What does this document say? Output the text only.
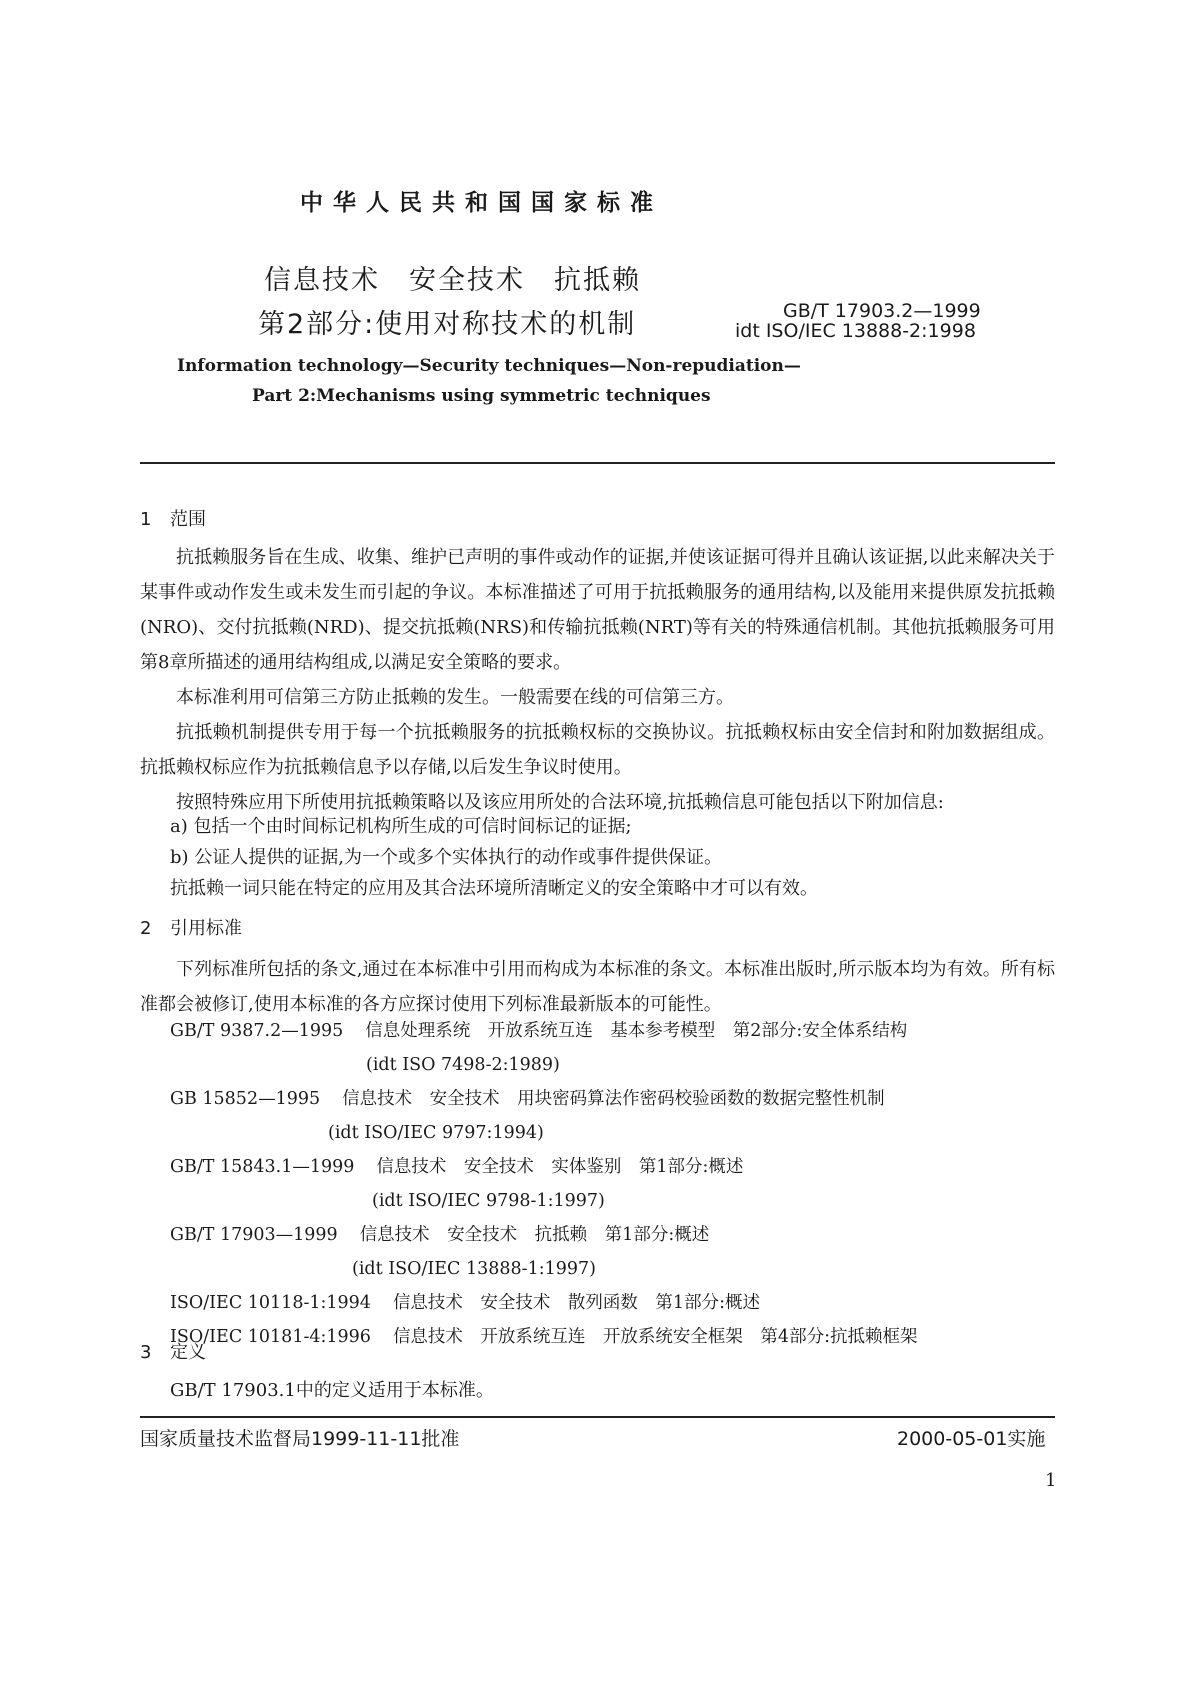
中华人民共和国国家标准
信息技术　安全技术　抗抵赖
第2部分:使用对称技术的机制	GB/T 17903.2—1999
idt ISO/IEC 13888-2:1998
Information technology—Security techniques—Non-repudiation—
Part 2:Mechanisms using symmetric techniques
1 范围

抗抵赖服务旨在生成、收集、维护已声明的事件或动作的证据,并使该证据可得并且确认该证据,以此来解决关于某事件或动作发生或未发生而引起的争议。本标准描述了可用于抗抵赖服务的通用结构,以及能用来提供原发抗抵赖(NRO)、交付抗抵赖(NRD)、提交抗抵赖(NRS)和传输抗抵赖(NRT)等有关的特殊通信机制。其他抗抵赖服务可用第8章所描述的通用结构组成,以满足安全策略的要求。

本标准利用可信第三方防止抵赖的发生。一般需要在线的可信第三方。

抗抵赖机制提供专用于每一个抗抵赖服务的抗抵赖权标的交换协议。抗抵赖权标由安全信封和附加数据组成。抗抵赖权标应作为抗抵赖信息予以存储,以后发生争议时使用。

按照特殊应用下所使用抗抵赖策略以及该应用所处的合法环境,抗抵赖信息可能包括以下附加信息:

a) 包括一个由时间标记机构所生成的可信时间标记的证据;
b) 公证人提供的证据,为一个或多个实体执行的动作或事件提供保证。
抗抵赖一词只能在特定的应用及其合法环境所清晰定义的安全策略中才可以有效。
2 引用标准

下列标准所包括的条文,通过在本标准中引用而构成为本标准的条文。本标准出版时,所示版本均为有效。所有标准都会被修订,使用本标准的各方应探讨使用下列标准最新版本的可能性。

GB/T 9387.2—1995 信息处理系统　开放系统互连　基本参考模型　第2部分:安全体系结构
(idt ISO 7498-2:1989)
GB 15852—1995 信息技术　安全技术　用块密码算法作密码校验函数的数据完整性机制
(idt ISO/IEC 9797:1994)
GB/T 15843.1—1999 信息技术　安全技术　实体鉴别　第1部分:概述
(idt ISO/IEC 9798-1:1997)
GB/T 17903—1999 信息技术　安全技术　抗抵赖　第1部分:概述
(idt ISO/IEC 13888-1:1997)
ISO/IEC 10118-1:1994 信息技术　安全技术　散列函数　第1部分:概述
ISO/IEC 10181-4:1996 信息技术　开放系统互连　开放系统安全框架　第4部分:抗抵赖框架
3 定义
GB/T 17903.1中的定义适用于本标准。
国家质量技术监督局1999-11-11批准	2000-05-01实施
1
